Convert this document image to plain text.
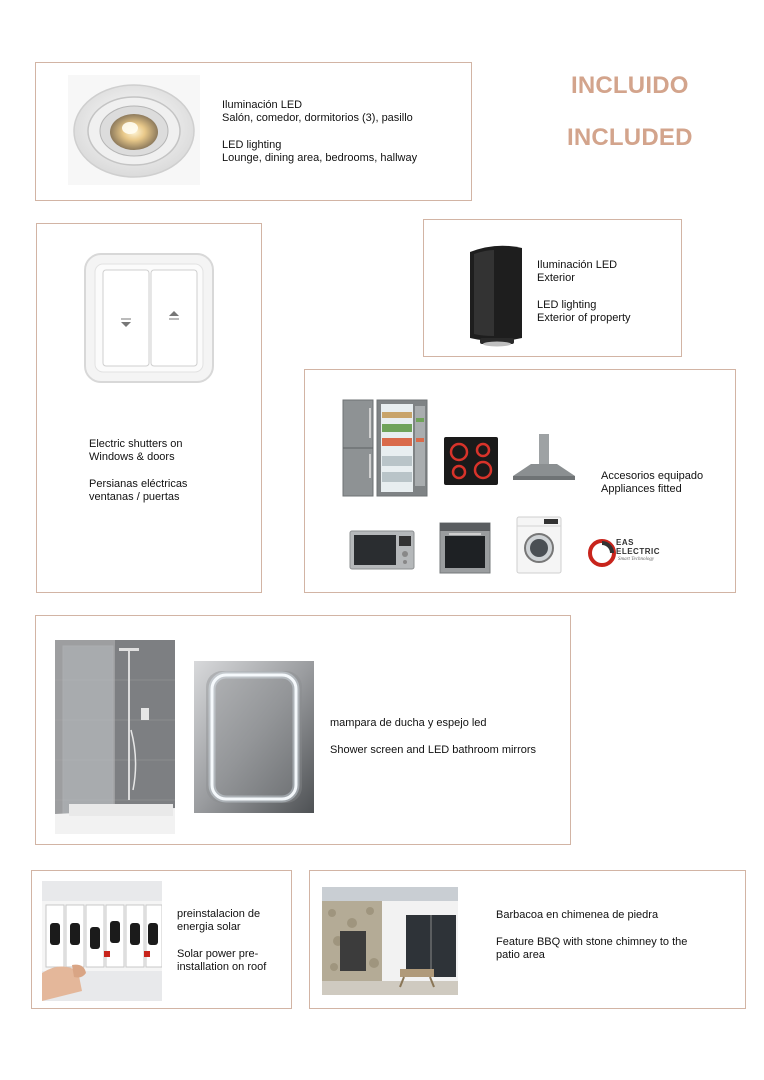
Iluminación LED

Salón, comedor, dormitorios (3), pasillo

LED lighting

Lounge, dining area, bedrooms, hallway

INCLUIDO
INCLUDED

Electric shutters on

Windows & doors

Persianas eléctricas

ventanas / puertas

Iluminación LED

Exterior

LED lighting

Exterior of property

EAS
ELECTRIC
Smart Technology

Accesorios equipado

Appliances fitted

mampara de ducha y espejo led

Shower screen and LED bathroom mirrors

preinstalacion de

energia solar

Solar power pre-

installation on roof

Barbacoa en chimenea de piedra

Feature BBQ with stone chimney to the

patio area
